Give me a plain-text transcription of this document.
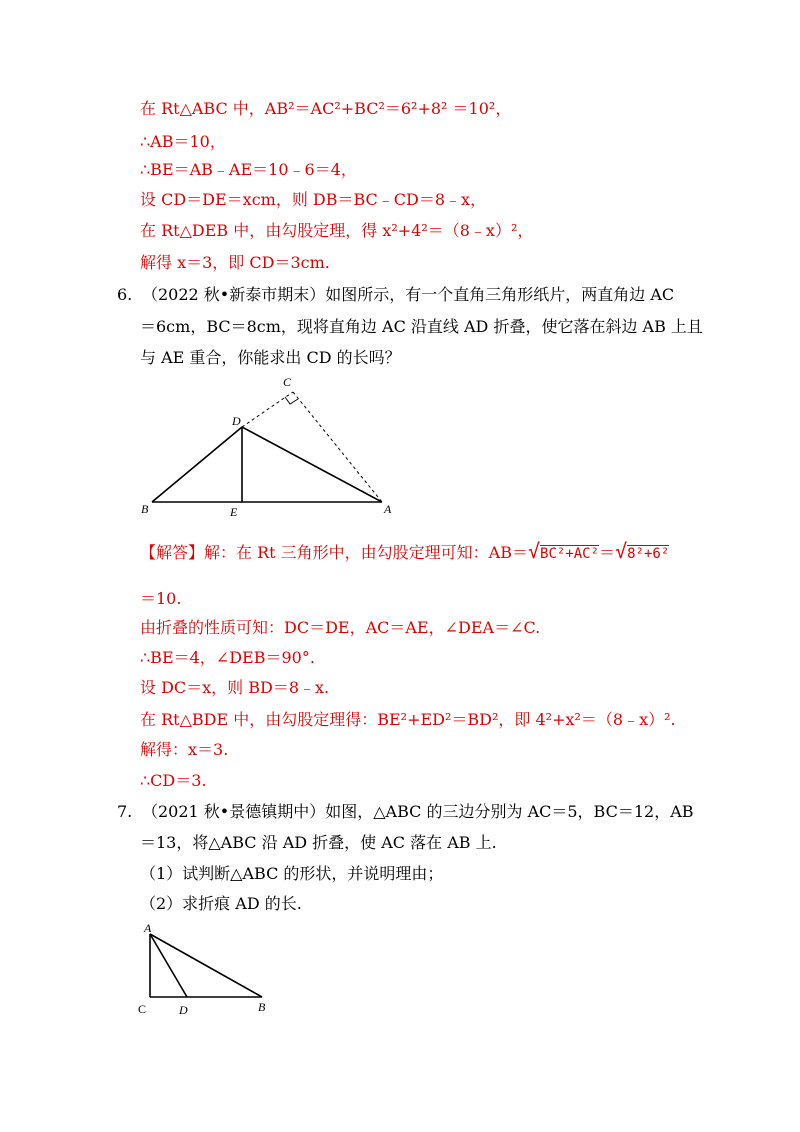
在 Rt△ABC 中，AB²＝AC²+BC²＝6²+8² ＝10²，
∴AB＝10，
∴BE＝AB﹣AE＝10﹣6＝4，
设 CD＝DE＝xcm，则 DB＝BC﹣CD＝8﹣x，
在 Rt△DEB 中，由勾股定理，得 x²+4²＝（8﹣x）²，
解得 x＝3，即 CD＝3cm.
6. （2022 秋•新泰市期末）如图所示，有一个直角三角形纸片，两直角边 AC
＝6cm，BC＝8cm，现将直角边 AC 沿直线 AD 折叠，使它落在斜边 AB 上且
与 AE 重合，你能求出 CD 的长吗？
C
D
B	E	A
【解答】解：在 Rt 三角形中，由勾股定理可知：AB＝√BC²+AC²＝√8²+6²
＝10.
由折叠的性质可知：DC＝DE，AC＝AE，∠DEA＝∠C.
∴BE＝4，∠DEB＝90°.
设 DC＝x，则 BD＝8﹣x.
在 Rt△BDE 中，由勾股定理得：BE²+ED²＝BD²，即 4²+x²＝（8﹣x）².
解得：x＝3.
∴CD＝3.
7. （2021 秋•景德镇期中）如图，△ABC 的三边分别为 AC＝5，BC＝12，AB
＝13，将△ABC 沿 AD 折叠，使 AC 落在 AB 上.
（1）试判断△ABC 的形状，并说明理由；
（2）求折痕 AD 的长.
A
C	D	B
